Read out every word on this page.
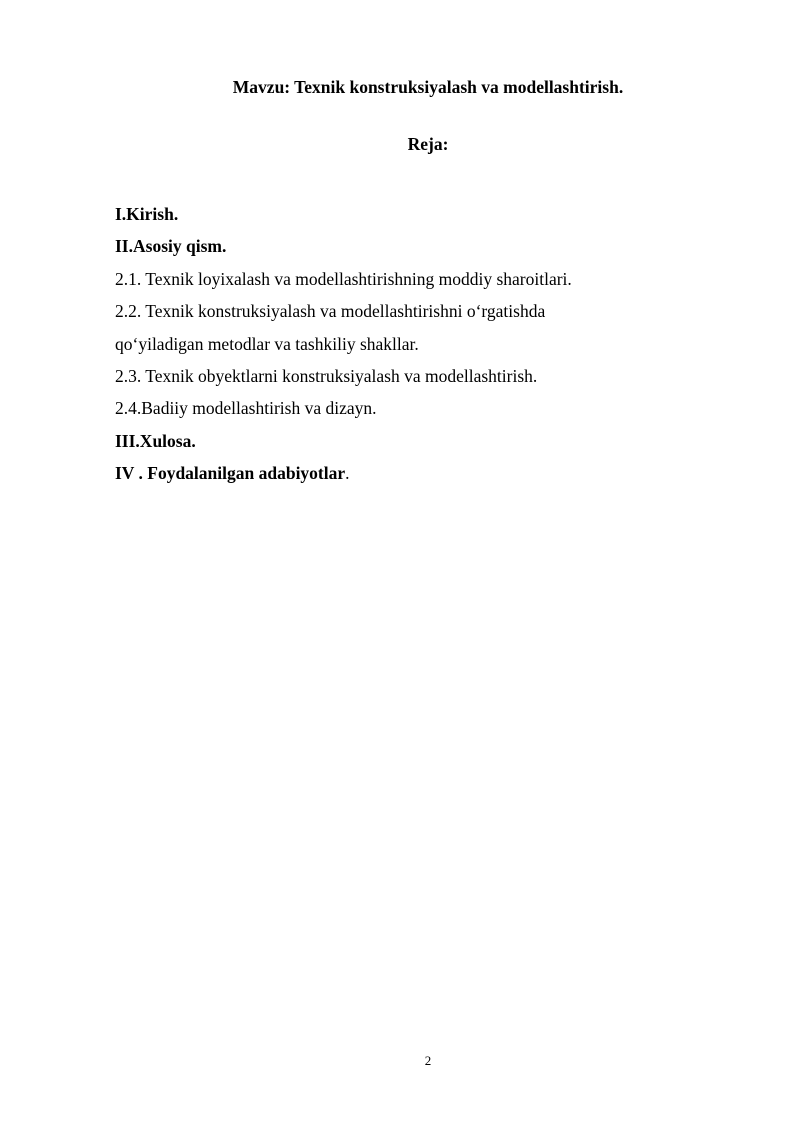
Mavzu: Texnik konstruksiyalash va modellashtirish.

Reja:

I.Kirish.
II.Asosiy qism.
2.1. Texnik loyixalash va modellashtirishning moddiy sharoitlari.
2.2. Texnik konstruksiyalash va modellashtirishni oʻrgatishda
qoʻyiladigan metodlar va tashkiliy shakllar.
2.3. Texnik obyektlarni konstruksiyalash va modellashtirish.
2.4.Badiiy modellashtirish va dizayn.
III.Xulosa.
IV . Foydalanilgan adabiyotlar.
2
